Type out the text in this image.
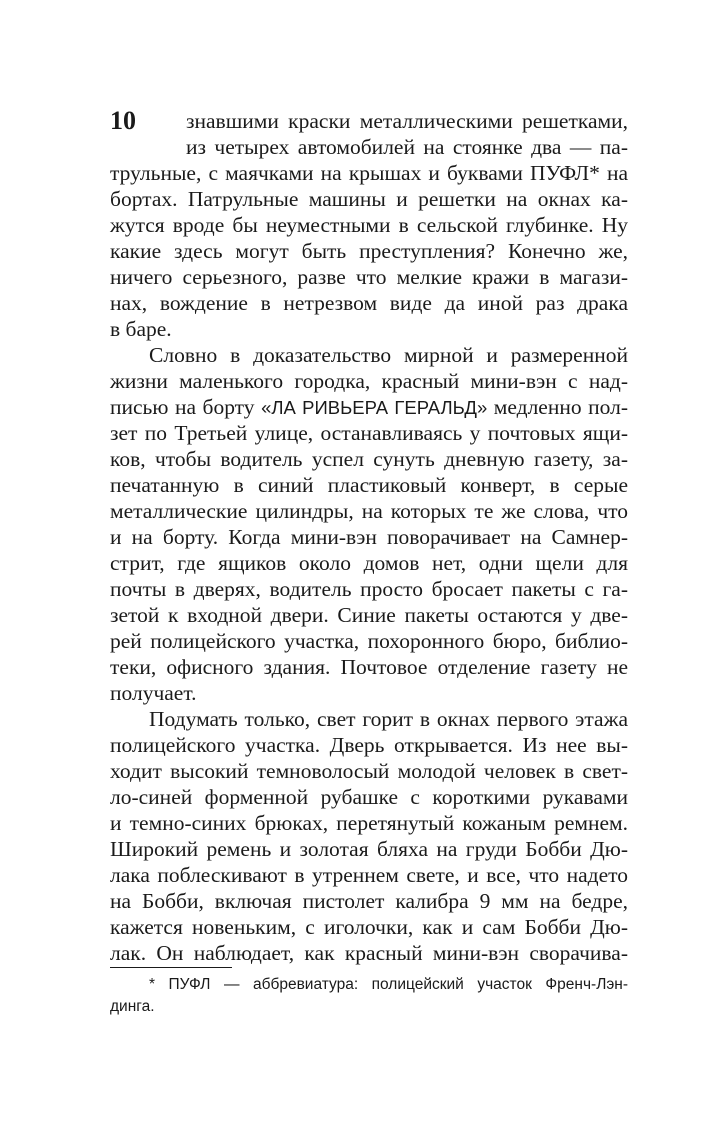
10 знавшими краски металлическими решетками,
из четырех автомобилей на стоянке два — па-
трульные, с маячками на крышах и буквами ПУФЛ* на
бортах. Патрульные машины и решетки на окнах ка-
жутся вроде бы неуместными в сельской глубинке. Ну
какие здесь могут быть преступления? Конечно же,
ничего серьезного, разве что мелкие кражи в магази-
нах, вождение в нетрезвом виде да иной раз драка
в баре.
Словно в доказательство мирной и размеренной
жизни маленького городка, красный мини-вэн с над-
писью на борту «ЛА РИВЬЕРА ГЕРАЛЬД» медленно пол-
зет по Третьей улице, останавливаясь у почтовых ящи-
ков, чтобы водитель успел сунуть дневную газету, за-
печатанную в синий пластиковый конверт, в серые
металлические цилиндры, на которых те же слова, что
и на борту. Когда мини-вэн поворачивает на Самнер-
стрит, где ящиков около домов нет, одни щели для
почты в дверях, водитель просто бросает пакеты с га-
зетой к входной двери. Синие пакеты остаются у две-
рей полицейского участка, похоронного бюро, библио-
теки, офисного здания. Почтовое отделение газету не
получает.
Подумать только, свет горит в окнах первого этажа
полицейского участка. Дверь открывается. Из нее вы-
ходит высокий темноволосый молодой человек в свет-
ло-синей форменной рубашке с короткими рукавами
и темно-синих брюках, перетянутый кожаным ремнем.
Широкий ремень и золотая бляха на груди Бобби Дю-
лака поблескивают в утреннем свете, и все, что надето
на Бобби, включая пистолет калибра 9 мм на бедре,
кажется новеньким, с иголочки, как и сам Бобби Дю-
лак. Он наблюдает, как красный мини-вэн сворачива-
* ПУФЛ — аббревиатура: полицейский участок Френч-Лэн-
динга.
